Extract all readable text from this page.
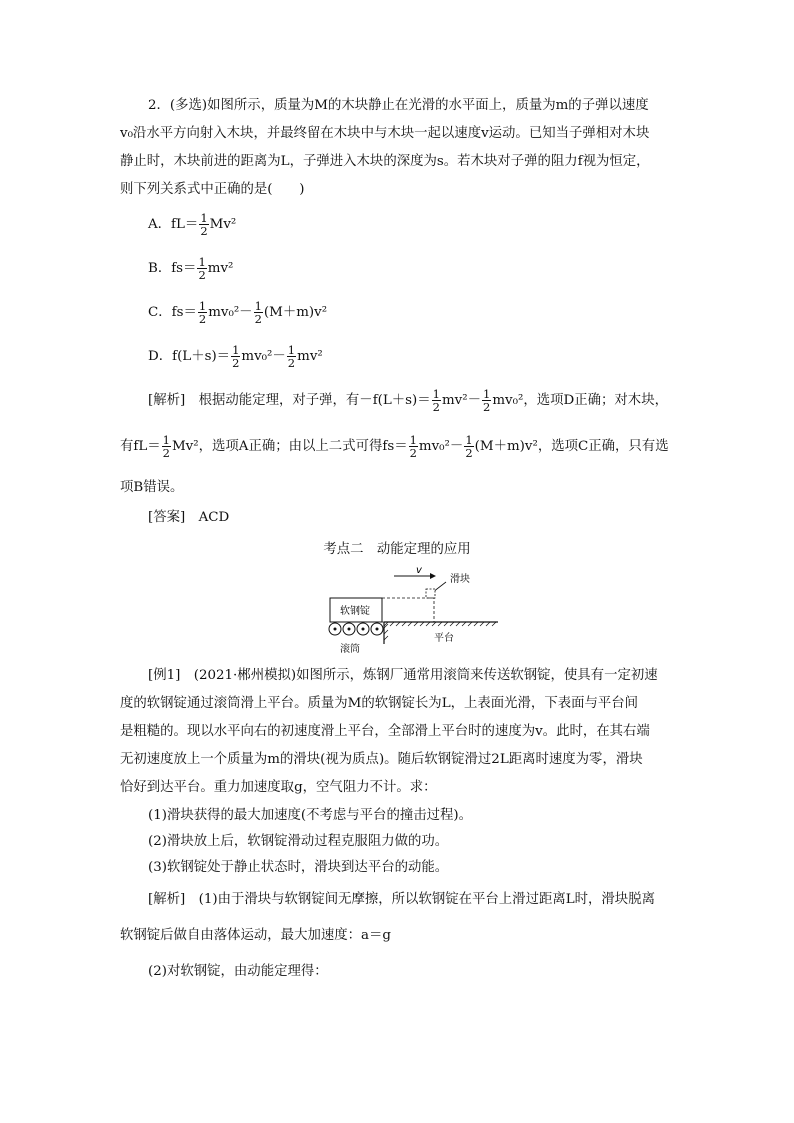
2．(多选)如图所示，质量为M的木块静止在光滑的水平面上，质量为m的子弹以速度
v₀沿水平方向射入木块，并最终留在木块中与木块一起以速度v运动。已知当子弹相对木块
静止时，木块前进的距离为L，子弹进入木块的深度为s。若木块对子弹的阻力f视为恒定，
则下列关系式中正确的是(　　)
A．$fL= \frac{1}{2} Mv^2$
B．$fs= \frac{1}{2} mv^2$
C．$fs= \frac{1}{2} mv_0^2- \frac{1}{2} (M+m)v^2$
D．$f(L+s)= \frac{1}{2} mv_0^2- \frac{1}{2} mv^2$
[解析]　 根据动能定理，对子弹，有$-f(L+s)= \frac{1}{2} mv^2- \frac{1}{2} mv_0^2$，选项D正确；对木块，
有$fL= \frac{1}{2} Mv^2$，选项A正确；由以上二式可得$fs= \frac{1}{2} mv_0^2- \frac{1}{2} (M+m)v^2$，选项C正确，只有选
项B错误。
[答案]　 ACD
考点二　动能定理的应用
v
滑块
软钢锭
平台
滚筒
[例1]　(2021·郴州模拟)如图所示，炼钢厂通常用滚筒来传送软钢锭，使具有一定初速
度的软钢锭通过滚筒滑上平台。质量为M的软钢锭长为L，上表面光滑，下表面与平台间
是粗糙的。现以水平向右的初速度滑上平台，全部滑上平台时的速度为v。此时，在其右端
无初速度放上一个质量为m的滑块(视为质点)。随后软钢锭滑过2L距离时速度为零，滑块
恰好到达平台。重力加速度取g，空气阻力不计。求：
(1)滑块获得的最大加速度(不考虑与平台的撞击过程)。
(2)滑块放上后，软钢锭滑动过程克服阻力做的功。
(3)软钢锭处于静止状态时，滑块到达平台的动能。
[解析]　(1)由于滑块与软钢锭间无摩擦，所以软钢锭在平台上滑过距离L时，滑块脱离
软钢锭后做自由落体运动，最大加速度：a＝g
(2)对软钢锭，由动能定理得：
